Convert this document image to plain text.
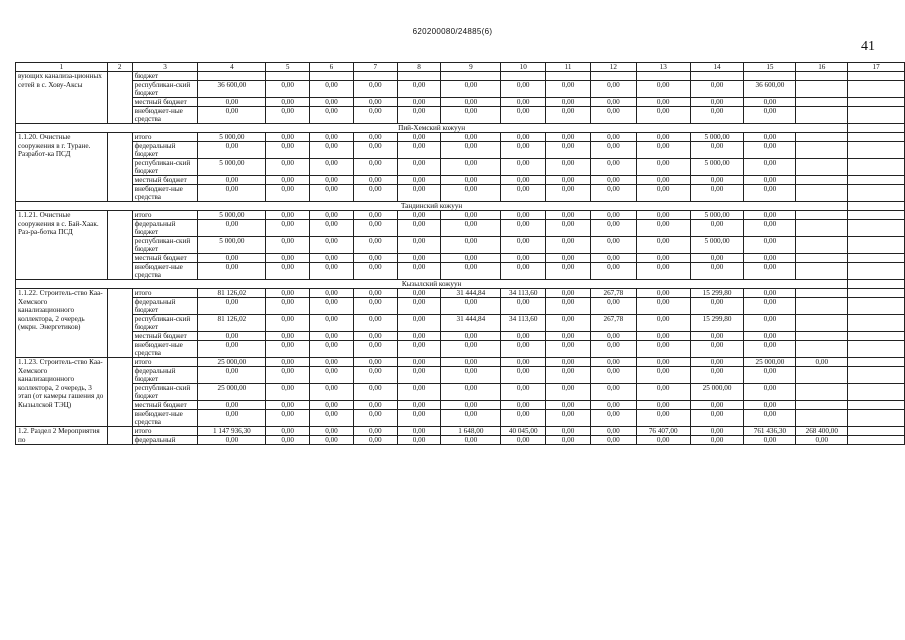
620200080/24885(6)
41
1	2	3	4	5	6	7	8	9	10	11	12	13	14	15	16	17
вующих канализа-ционных сетей в с. Хову-Аксы		бюджет														
		республикан-ский бюджет	36 600,00	0,00	0,00	0,00	0,00	0,00	0,00	0,00	0,00	0,00	0,00	36 600,00		
		местный бюджет	0,00	0,00	0,00	0,00	0,00	0,00	0,00	0,00	0,00	0,00	0,00	0,00		
		внебюджет-ные средства	0,00	0,00	0,00	0,00	0,00	0,00	0,00	0,00	0,00	0,00	0,00	0,00		
Пий-Хемский кожуун																
1.1.20. Очистные сооружения в г. Туране. Разработ-ка ПСД		итого	5 000,00	0,00	0,00	0,00	0,00	0,00	0,00	0,00	0,00	0,00	5 000,00	0,00		
		федеральный бюджет	0,00	0,00	0,00	0,00	0,00	0,00	0,00	0,00	0,00	0,00	0,00	0,00		
		республикан-ский бюджет	5 000,00	0,00	0,00	0,00	0,00	0,00	0,00	0,00	0,00	0,00	5 000,00	0,00		
		местный бюджет	0,00	0,00	0,00	0,00	0,00	0,00	0,00	0,00	0,00	0,00	0,00	0,00		
		внебюджет-ные средства	0,00	0,00	0,00	0,00	0,00	0,00	0,00	0,00	0,00	0,00	0,00	0,00		
Тандинский кожуун																
1.1.21. Очистные сооружения в с. Бай-Хаак. Раз-ра-ботка ПСД		итого	5 000,00	0,00	0,00	0,00	0,00	0,00	0,00	0,00	0,00	0,00	5 000,00	0,00		
		федеральный бюджет	0,00	0,00	0,00	0,00	0,00	0,00	0,00	0,00	0,00	0,00	0,00	0,00		
		республикан-ский бюджет	5 000,00	0,00	0,00	0,00	0,00	0,00	0,00	0,00	0,00	0,00	5 000,00	0,00		
		местный бюджет	0,00	0,00	0,00	0,00	0,00	0,00	0,00	0,00	0,00	0,00	0,00	0,00		
		внебюджет-ные средства	0,00	0,00	0,00	0,00	0,00	0,00	0,00	0,00	0,00	0,00	0,00	0,00		
Кызылский кожуун																
1.1.22. Строитель-ство Каа-Хемского канализационного коллектора, 2 очередь (мкрн. Энергетиков)		итого	81 126,02	0,00	0,00	0,00	0,00	31 444,84	34 113,60	0,00	267,78	0,00	15 299,80	0,00		
		федеральный бюджет	0,00	0,00	0,00	0,00	0,00	0,00	0,00	0,00	0,00	0,00	0,00	0,00		
		республикан-ский бюджет	81 126,02	0,00	0,00	0,00	0,00	31 444,84	34 113,60	0,00	267,78	0,00	15 299,80	0,00		
		местный бюджет	0,00	0,00	0,00	0,00	0,00	0,00	0,00	0,00	0,00	0,00	0,00	0,00		
		внебюджет-ные средства	0,00	0,00	0,00	0,00	0,00	0,00	0,00	0,00	0,00	0,00	0,00	0,00		
1.1.23. Строитель-ство Каа-Хемского канализационного коллектора, 2 очередь, 3 этап (от камеры гашения до Кызылской ТЭЦ)		итого	25 000,00	0,00	0,00	0,00	0,00	0,00	0,00	0,00	0,00	0,00	0,00	25 000,00	0,00	
		федеральный бюджет	0,00	0,00	0,00	0,00	0,00	0,00	0,00	0,00	0,00	0,00	0,00	0,00		
		республикан-ский бюджет	25 000,00	0,00	0,00	0,00	0,00	0,00	0,00	0,00	0,00	0,00	25 000,00	0,00		
		местный бюджет	0,00	0,00	0,00	0,00	0,00	0,00	0,00	0,00	0,00	0,00	0,00	0,00		
		внебюджет-ные средства	0,00	0,00	0,00	0,00	0,00	0,00	0,00	0,00	0,00	0,00	0,00	0,00		
1.2. Раздел 2 Мероприятия по		итого	1 147 936,30	0,00	0,00	0,00	0,00	1 648,00	40 045,00	0,00	0,00	76 407,00	0,00	761 436,30	268 400,00	
		федеральный	0,00	0,00	0,00	0,00	0,00	0,00	0,00	0,00	0,00	0,00	0,00	0,00	0,00	
